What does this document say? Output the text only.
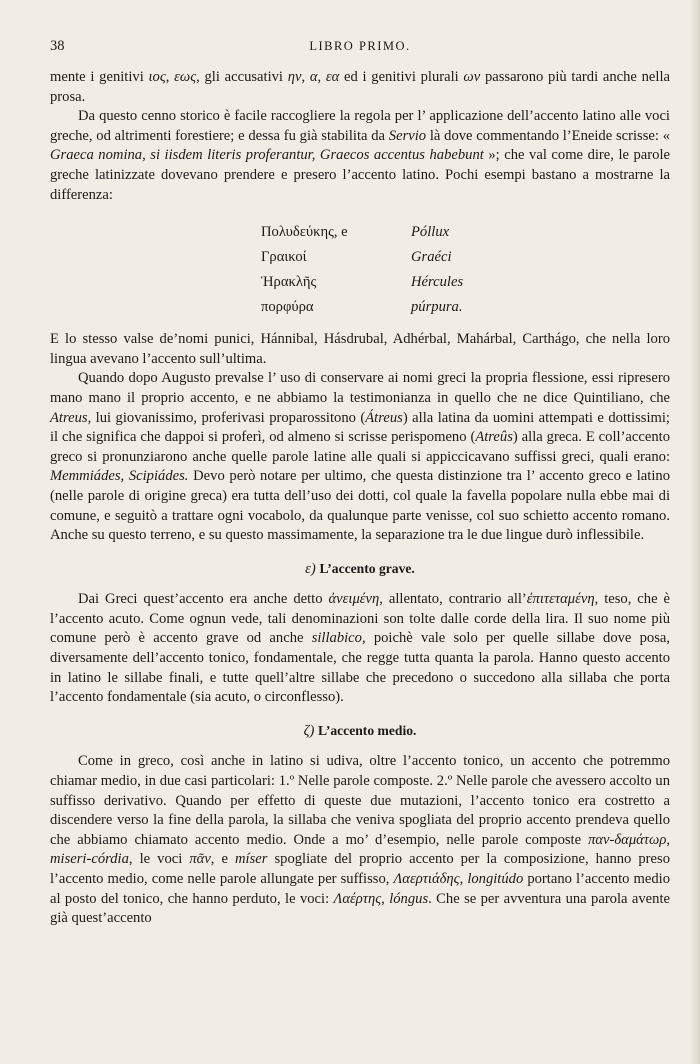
38	LIBRO PRIMO.

mente i genitivi ιος, εως, gli accusativi ην, α, εα ed i genitivi plurali ων passarono più tardi anche nella prosa.

Da questo cenno storico è facile raccogliere la regola per l’ applicazione dell’accento latino alle voci greche, od altrimenti forestiere; e dessa fu già stabilita da Servio là dove commentando l’Eneide scrisse: « Graeca nomina, si iisdem literis proferantur, Graecos accentus habebunt »; che val come dire, le parole greche latinizzate dovevano prendere e presero l’accento latino. Pochi esempi bastano a mostrarne la differenza:

Πολυδεύκης, e	Póllux
Γραικοί	Graéci
Ἡρακλῆς	Hércules
πορφύρα	púrpura.

E lo stesso valse de’nomi punici, Hánnibal, Hásdrubal, Adhérbal, Mahárbal, Carthágo, che nella loro lingua avevano l’accento sull’ultima.

Quando dopo Augusto prevalse l’ uso di conservare ai nomi greci la propria flessione, essi ripresero mano mano il proprio accento, e ne abbiamo la testimonianza in quello che ne dice Quintiliano, che Atreus, lui giovanissimo, proferivasi proparossitono (Átreus) alla latina da uomini attempati e dottissimi; il che significa che dappoi si proferì, od almeno si scrisse perispomeno (Atreûs) alla greca. E coll’accento greco si pronunziarono anche quelle parole latine alle quali si appiccicavano suffissi greci, quali erano: Memmiádes, Scipiádes. Devo però notare per ultimo, che questa distinzione tra l’ accento greco e latino (nelle parole di origine greca) era tutta dell’uso dei dotti, col quale la favella popolare nulla ebbe mai di comune, e seguitò a trattare ogni vocabolo, da qualunque parte venisse, col suo schietto accento romano. Anche su questo terreno, e su questo massimamente, la separazione tra le due lingue durò inflessibile.

ε) L’accento grave.

Dai Greci quest’accento era anche detto ἀνειμένη, allentato, contrario all’ἐπιτεταμένη, teso, che è l’accento acuto. Come ognun vede, tali denominazioni son tolte dalle corde della lira. Il suo nome più comune però è accento grave od anche sillabico, poichè vale solo per quelle sillabe dove posa, diversamente dell’accento tonico, fondamentale, che regge tutta quanta la parola. Hanno questo accento in latino le sillabe finali, e tutte quell’altre sillabe che precedono o succedono alla sillaba che porta l’accento fondamentale (sia acuto, o circonflesso).

ζ) L’accento medio.

Come in greco, così anche in latino si udiva, oltre l’accento tonico, un accento che potremmo chiamar medio, in due casi particolari: 1.º Nelle parole composte. 2.º Nelle parole che avessero accolto un suffisso derivativo. Quando per effetto di queste due mutazioni, l’accento tonico era costretto a discendere verso la fine della parola, la sillaba che veniva spogliata del proprio accento prendeva quello che abbiamo chiamato accento medio. Onde a mo’ d’esempio, nelle parole composte παν-δαμάτωρ, miseri-córdia, le voci πᾶν, e míser spogliate del proprio accento per la composizione, hanno preso l’accento medio, come nelle parole allungate per suffisso, Λαερτιάδης, longitúdo portano l’accento medio al posto del tonico, che hanno perduto, le voci: Λαέρτης, lóngus. Che se per avventura una parola avente già quest’accento
